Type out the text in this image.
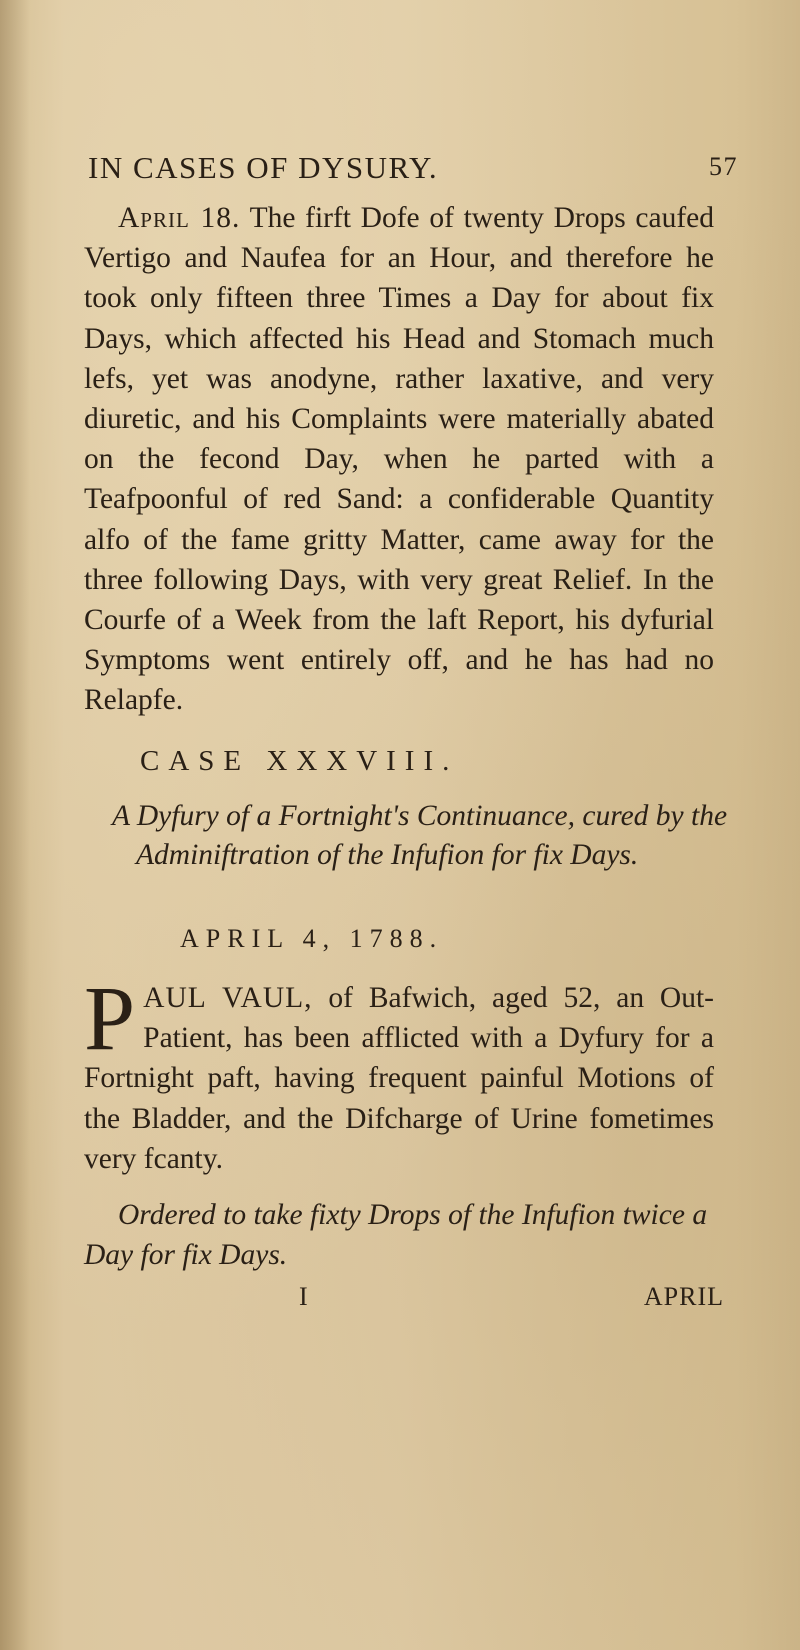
IN CASES OF DYSURY.	57

April 18. The firft Dofe of twenty Drops caufed Vertigo and Naufea for an Hour, and therefore he took only fifteen three Times a Day for about fix Days, which affected his Head and Stomach much lefs, yet was anodyne, rather laxative, and very diuretic, and his Complaints were materially abated on the fecond Day, when he parted with a Teafpoonful of red Sand: a confiderable Quantity alfo of the fame gritty Matter, came away for the three following Days, with very great Relief. In the Courfe of a Week from the laft Report, his dyfurial Symptoms went entirely off, and he has had no Relapfe.

CASE XXXVIII.

A Dyfury of a Fortnight's Continuance, cured by the Adminiftration of the Infufion for fix Days.

APRIL 4, 1788.

PAUL VAUL, of Bafwich, aged 52, an Out-Patient, has been afflicted with a Dyfury for a Fortnight paft, having frequent painful Motions of the Bladder, and the Difcharge of Urine fometimes very fcanty.

Ordered to take fixty Drops of the Infufion twice a Day for fix Days.

I	APRIL
